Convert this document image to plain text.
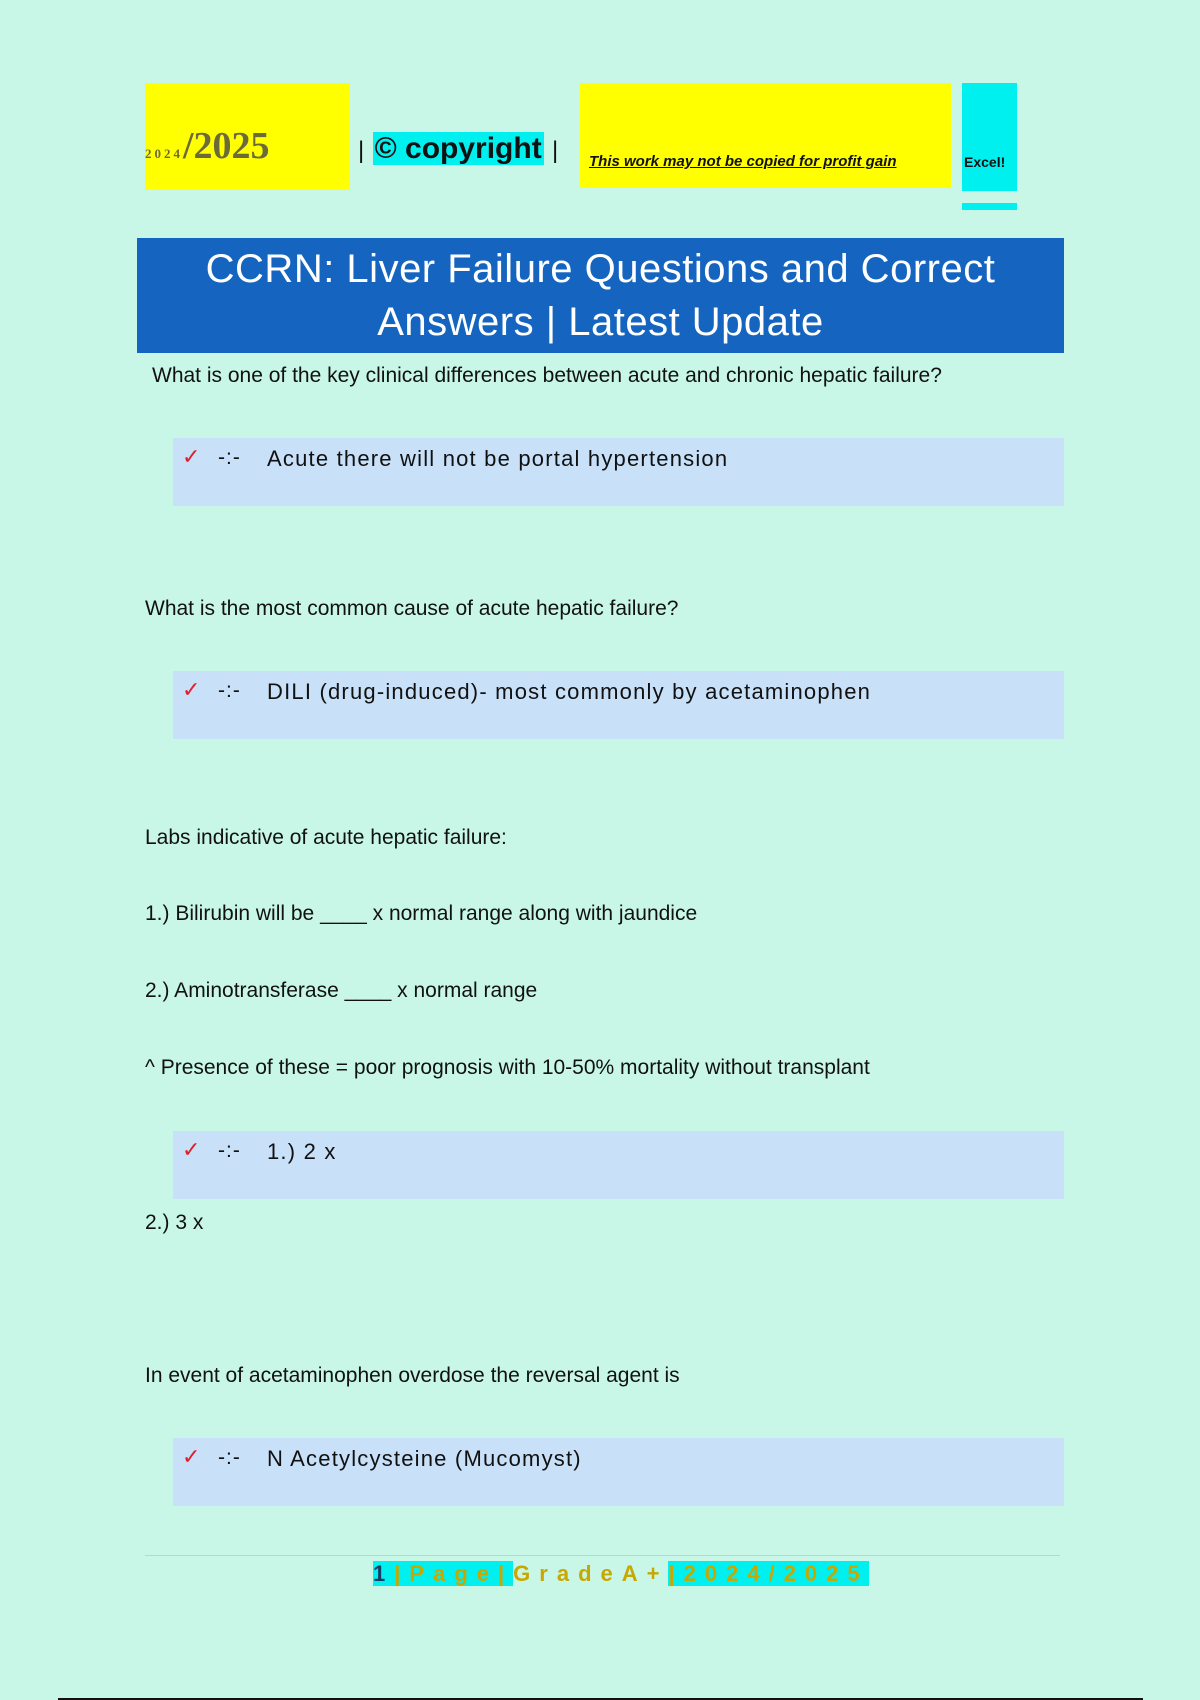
2024/2025	| © copyright | This work may not be copied for profit gain	Excel!
CCRN: Liver Failure Questions and Correct Answers | Latest Update
What is one of the key clinical differences between acute and chronic hepatic failure?
✓ -:- Acute there will not be portal hypertension
What is the most common cause of acute hepatic failure?
✓ -:- DILI (drug-induced)- most commonly by acetaminophen
Labs indicative of acute hepatic failure:
1.) Bilirubin will be ____ x normal range along with jaundice
2.) Aminotransferase ____ x normal range
^ Presence of these = poor prognosis with 10-50% mortality without transplant
✓ -:- 1.) 2 x
2.) 3 x
In event of acetaminophen overdose the reversal agent is
✓ -:- N Acetylcysteine (Mucomyst)
1|Page|GradeA+|2024/2025
